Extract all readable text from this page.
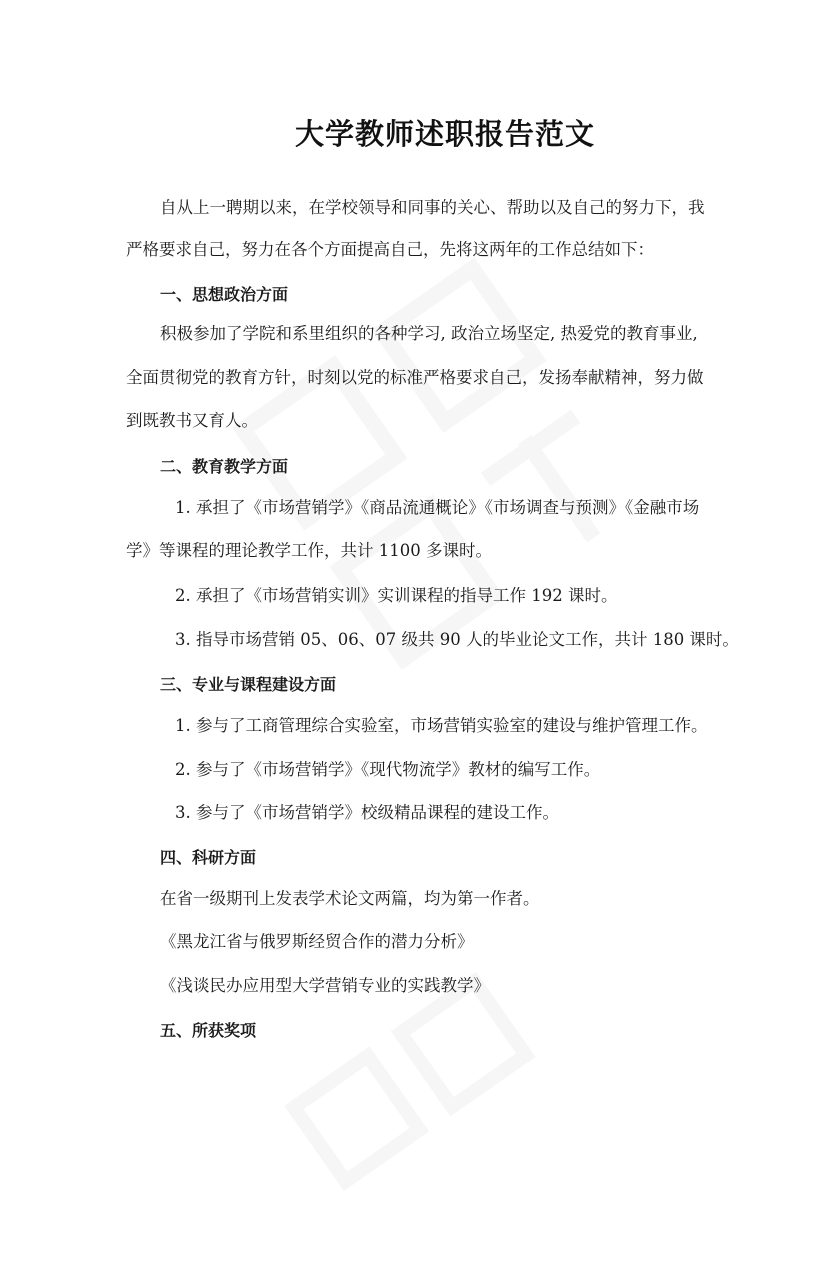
大学教师述职报告范文
自从上一聘期以来，在学校领导和同事的关心、帮助以及自己的努力下，我
严格要求自己，努力在各个方面提高自己，先将这两年的工作总结如下：
一、思想政治方面
积极参加了学院和系里组织的各种学习, 政治立场坚定, 热爱党的教育事业,
全面贯彻党的教育方针，时刻以党的标准严格要求自己，发扬奉献精神，努力做
到既教书又育人。
二、教育教学方面
1. 承担了《市场营销学》《商品流通概论》《市场调查与预测》《金融市场
学》等课程的理论教学工作，共计 1100 多课时。
2. 承担了《市场营销实训》实训课程的指导工作 192 课时。
3. 指导市场营销 05、06、07 级共 90 人的毕业论文工作，共计 180 课时。
三、专业与课程建设方面
1. 参与了工商管理综合实验室，市场营销实验室的建设与维护管理工作。
2. 参与了《市场营销学》《现代物流学》教材的编写工作。
3. 参与了《市场营销学》校级精品课程的建设工作。
四、科研方面
在省一级期刊上发表学术论文两篇，均为第一作者。
《黑龙江省与俄罗斯经贸合作的潜力分析》
《浅谈民办应用型大学营销专业的实践教学》
五、所获奖项
